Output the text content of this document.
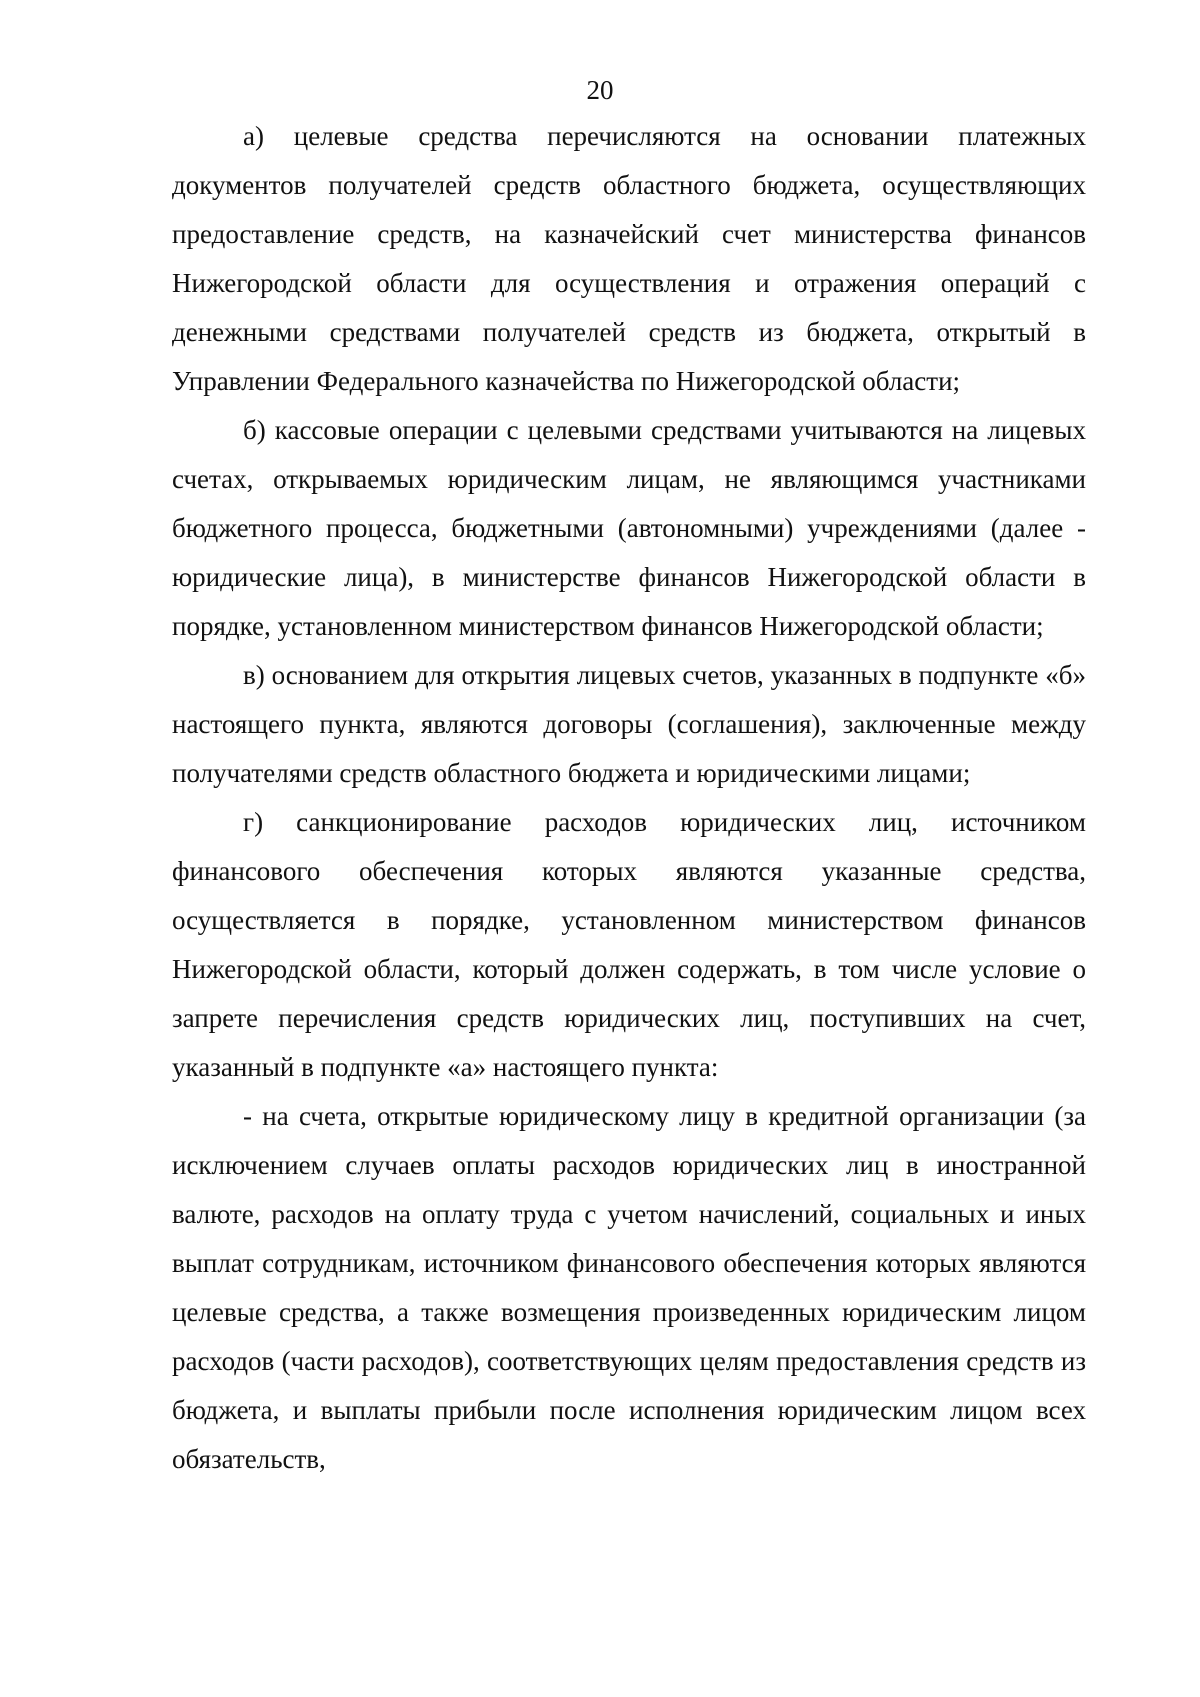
20

а) целевые средства перечисляются на основании платежных документов получателей средств областного бюджета, осуществляющих предоставление средств, на казначейский счет министерства финансов Нижегородской области для осуществления и отражения операций с денежными средствами получателей средств из бюджета, открытый в Управлении Федерального казначейства по Нижегородской области;

б) кассовые операции с целевыми средствами учитываются на лицевых счетах, открываемых юридическим лицам, не являющимся участниками бюджетного процесса, бюджетными (автономными) учреждениями (далее - юридические лица), в министерстве финансов Нижегородской области в порядке, установленном министерством финансов Нижегородской области;

в) основанием для открытия лицевых счетов, указанных в подпункте «б» настоящего пункта, являются договоры (соглашения), заключенные между получателями средств областного бюджета и юридическими лицами;

г) санкционирование расходов юридических лиц, источником финансового обеспечения которых являются указанные средства, осуществляется в порядке, установленном министерством финансов Нижегородской области, который должен содержать, в том числе условие о запрете перечисления средств юридических лиц, поступивших на счет, указанный в подпункте «а» настоящего пункта:

- на счета, открытые юридическому лицу в кредитной организации (за исключением случаев оплаты расходов юридических лиц в иностранной валюте, расходов на оплату труда с учетом начислений, социальных и иных выплат сотрудникам, источником финансового обеспечения которых являются целевые средства, а также возмещения произведенных юридическим лицом расходов (части расходов), соответствующих целям предоставления средств из бюджета, и выплаты прибыли после исполнения юридическим лицом всех обязательств,
